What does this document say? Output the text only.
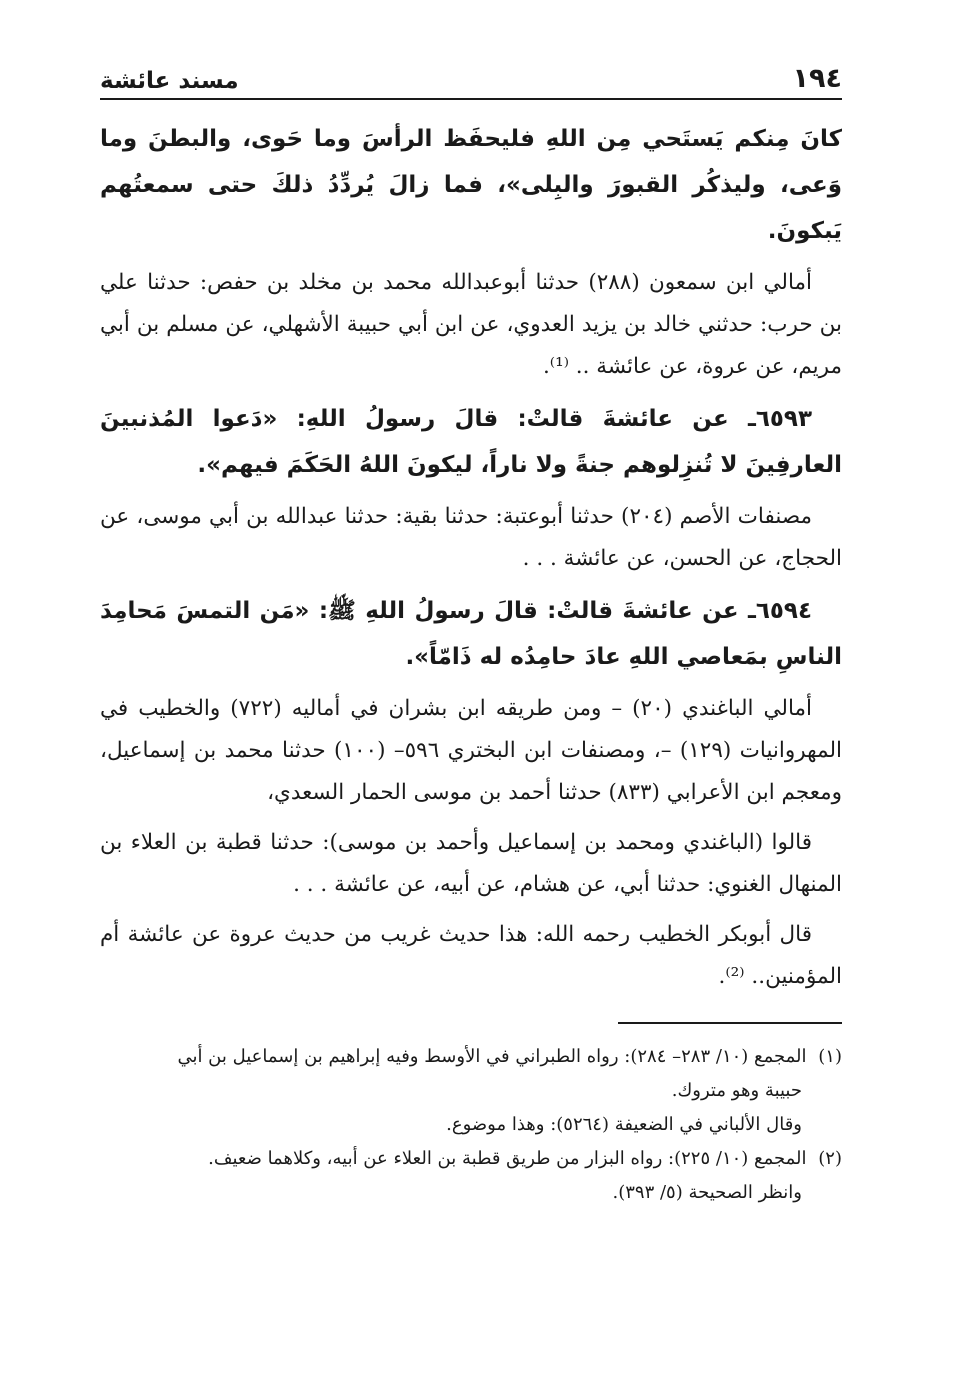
١٩٤
مسند عائشة

كانَ مِنكم يَستَحي مِن اللهِ فليحفَظ الرأسَ وما حَوى، والبطنَ وما وَعى، وليذكُر القبورَ والبِلى»، فما زالَ يُردِّدُ ذلكَ حتى سمعتُهم يَبكونَ.

أمالي ابن سمعون (٢٨٨) حدثنا أبوعبدالله محمد بن مخلد بن حفص: حدثنا علي بن حرب: حدثني خالد بن يزيد العدوي، عن ابن أبي حبيبة الأشهلي، عن مسلم بن أبي مريم، عن عروة، عن عائشة .. ⁽¹⁾.

٦٥٩٣ـ عن عائشةَ قالتْ: قالَ رسولُ اللهِ: «دَعوا المُذنبينَ العارفِينَ لا تُنزِلوهم جنةً ولا ناراً، ليكونَ اللهُ الحَكَمَ فيهم».

مصنفات الأصم (٢٠٤) حدثنا أبوعتبة: حدثنا بقية: حدثنا عبدالله بن أبي موسى، عن الحجاج، عن الحسن، عن عائشة . . .

٦٥٩٤ـ عن عائشةَ قالتْ: قالَ رسولُ اللهِ ﷺ: «مَن التمسَ مَحامِدَ الناسِ بمَعاصي اللهِ عادَ حامِدُه له ذَامّاً».

أمالي الباغندي (٢٠) – ومن طريقه ابن بشران في أماليه (٧٢٢) والخطيب في المهروانيات (١٢٩) –، ومصنفات ابن البختري ٥٩٦– (١٠٠) حدثنا محمد بن إسماعيل، ومعجم ابن الأعرابي (٨٣٣) حدثنا أحمد بن موسى الحمار السعدي،

قالوا (الباغندي ومحمد بن إسماعيل وأحمد بن موسى): حدثنا قطبة بن العلاء بن المنهال الغنوي: حدثنا أبي، عن هشام، عن أبيه، عن عائشة . . .

قال أبوبكر الخطيب رحمه الله: هذا حديث غريب من حديث عروة عن عائشة أم المؤمنين.. ⁽²⁾.

(١) المجمع (١٠/ ٢٨٣– ٢٨٤): رواه الطبراني في الأوسط وفيه إبراهيم بن إسماعيل بن أبي
حبيبة وهو متروك.
وقال الألباني في الضعيفة (٥٢٦٤): وهذا موضوع.
(٢) المجمع (١٠/ ٢٢٥): رواه البزار من طريق قطبة بن العلاء عن أبيه، وكلاهما ضعيف.
وانظر الصحيحة (٥/ ٣٩٣).
